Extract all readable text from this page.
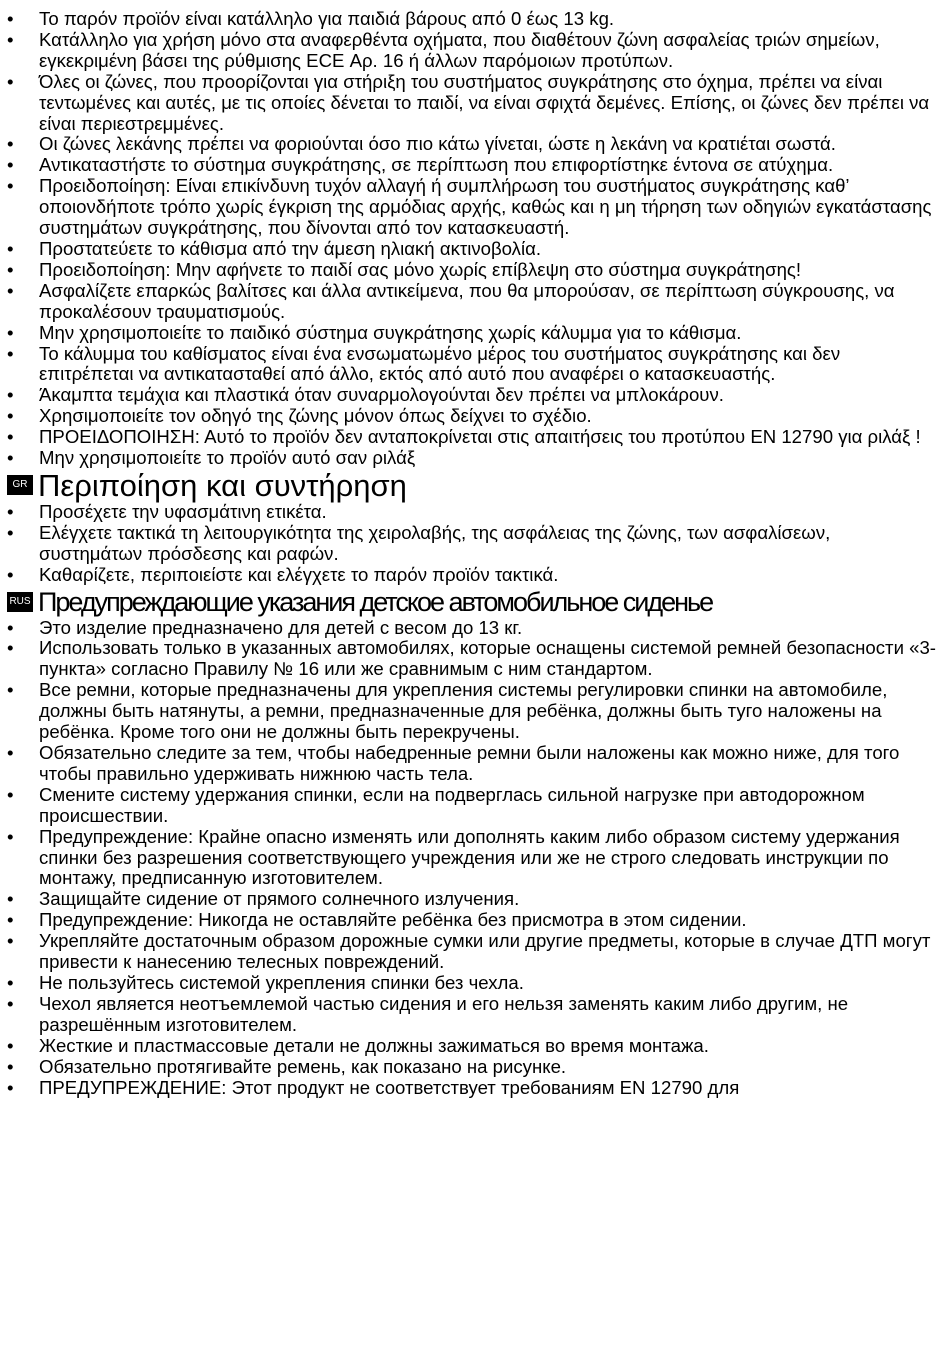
• Το παρόν προϊόν είναι κατάλληλο για παιδιά βάρους από 0 έως 13 kg.
• Κατάλληλο για χρήση μόνο στα αναφερθέντα οχήματα, που διαθέτουν ζώνη ασφαλείας τριών σημείων, εγκεκριμένη βάσει της ρύθμισης ECE Αρ. 16 ή άλλων παρόμοιων προτύπων.
• Όλες οι ζώνες, που προορίζονται για στήριξη του συστήματος συγκράτησης στο όχημα, πρέπει να είναι τεντωμένες και αυτές, με τις οποίες δένεται το παιδί, να είναι σφιχτά δεμένες. Επίσης, οι ζώνες δεν πρέπει να είναι περιεστρεμμένες.
• Οι ζώνες λεκάνης πρέπει να φοριούνται όσο πιο κάτω γίνεται, ώστε η λεκάνη να κρατιέται σωστά.
• Αντικαταστήστε το σύστημα συγκράτησης, σε περίπτωση που επιφορτίστηκε έντονα σε ατύχημα.
• Προειδοποίηση: Είναι επικίνδυνη τυχόν αλλαγή ή συμπλήρωση του συστήματος συγκράτησης καθ’ οποιονδήποτε τρόπο χωρίς έγκριση της αρμόδιας αρχής, καθώς και η μη τήρηση των οδηγιών εγκατάστασης συστημάτων συγκράτησης, που δίνονται από τον κατασκευαστή.
• Προστατεύετε το κάθισμα από την άμεση ηλιακή ακτινοβολία.
• Προειδοποίηση: Μην αφήνετε το παιδί σας μόνο χωρίς επίβλεψη στο σύστημα συγκράτησης!
• Ασφαλίζετε επαρκώς βαλίτσες και άλλα αντικείμενα, που θα μπορούσαν, σε περίπτωση σύγκρουσης, να προκαλέσουν τραυματισμούς.
• Μην χρησιμοποιείτε το παιδικό σύστημα συγκράτησης χωρίς κάλυμμα για το κάθισμα.
• Το κάλυμμα του καθίσματος είναι ένα ενσωματωμένο μέρος του συστήματος συγκράτησης και δεν επιτρέπεται να αντικατασταθεί από άλλο, εκτός από αυτό που αναφέρει ο κατασκευαστής.
• Άκαμπτα τεμάχια και πλαστικά όταν συναρμολογούνται δεν πρέπει να μπλοκάρουν.
• Χρησιμοποιείτε τον οδηγό της ζώνης μόνον όπως δείχνει το σχέδιο.
• ΠΡΟΕΙΔΟΠΟΙΗΣΗ: Αυτό το προϊόν δεν ανταποκρίνεται στις απαιτήσεις του προτύπου EN 12790 για ριλάξ !
• Μην χρησιμοποιείτε το προϊόν αυτό σαν ριλάξ
GR Περιποίηση και συντήρηση
• Προσέχετε την υφασμάτινη ετικέτα.
• Ελέγχετε τακτικά τη λειτουργικότητα της χειρολαβής, της ασφάλειας της ζώνης, των ασφαλίσεων, συστημάτων πρόσδεσης και ραφών.
• Καθαρίζετε, περιποιείστε και ελέγχετε το παρόν προϊόν τακτικά.
RUS Предупреждающие указания детское автомобильное сиденье
• Это изделие предназначено для детей с весом до 13 кг.
• Использовать только в указанных автомобилях, которые оснащены системой ремней безопасности «3-пункта» согласно Правилу № 16 или же сравнимым с ним стандартом.
• Все ремни, которые предназначены для укрепления системы регулировки спинки на автомобиле, должны быть натянуты, а ремни, предназначенные для ребёнка, должны быть туго наложены на ребёнка. Кроме того они не должны быть перекручены.
• Обязательно следите за тем, чтобы набедренные ремни были наложены как можно ниже, для того чтобы правильно удерживать нижнюю часть тела.
• Смените систему удержания спинки, если на подверглась сильной нагрузке при автодорожном происшествии.
• Предупреждение: Крайне опасно изменять или дополнять каким либо образом систему удержания спинки без разрешения соответствующего учреждения или же не строго следовать инструкции по монтажу, предписанную изготовителем.
• Защищайте сидение от прямого солнечного излучения.
• Предупреждение: Никогда не оставляйте ребёнка без присмотра в этом сидении.
• Укрепляйте достаточным образом дорожные сумки или другие предметы, которые в случае ДТП могут привести к нанесению телесных повреждений.
• Не пользуйтесь системой укрепления спинки без чехла.
• Чехол является неотъемлемой частью сидения и его нельзя заменять каким либо другим, не разрешённым изготовителем.
• Жесткие и пластмассовые детали не должны зажиматься во время монтажа.
• Обязательно протягивайте ремень, как показано на рисунке.
• ПРЕДУПРЕЖДЕНИЕ: Этот продукт не соответствует требованиям EN 12790 для
